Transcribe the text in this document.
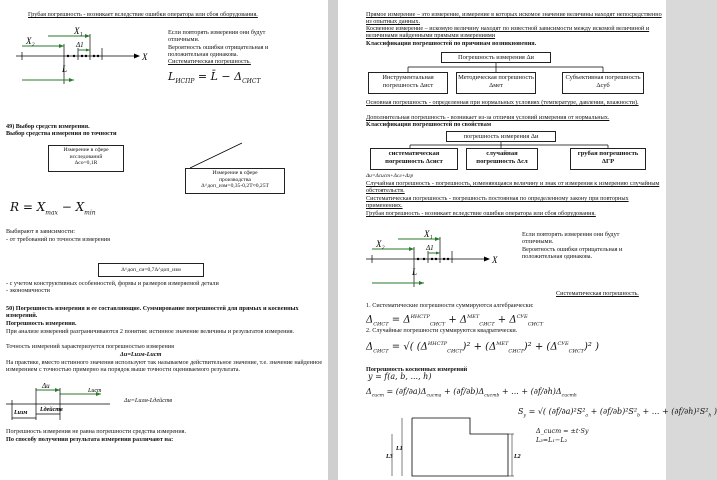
Грубая погрешность - возникает вследствие ошибки оператора или сбоя оборудования.
X₁
X₂	Δ1
L
X
Если повторять измерения они будут
отличными.
Вероятность ошибки отрицательная и
положительная одинакова.
Систематическая погрешность.
$L_{ИСПР}$ = L̄ − $\Delta_{СИСТ}$
49) Выбор средств измерения.
Выбор средства измерения по точности
Измерение в сфере
исследований
Δсо=0,1R
Измерение в сфере
производства
Δ^доп_изм=0,35-0,2T≈0,25T
$R = X_{max} - X_{min}$
Выбирают в зависимости:
- от требований по точности измерения
Δ^доп_си=0,7Δ^доп_изм
- с учетом конструктивных особенностей, формы и размеров измеряемой детали
- экономичности
50) Погрешность измерения и ее составляющие. Суммирование погрешностей для прямых и косвенных измерений.
Погрешность измерения.
При анализе измерений разграничиваются 2 понятия: истинное значение величины и результатов измерения.
Точность измерений характеризуется погрешностью измерения
Δи=Lизм-Lист
На практике, вместо истинного значения используют так называемое действительное значение, т.е. значение найденное измерением с точностью примерно на порядок выше точности оцениваемого результата.
Δu
Lист
Lизм Lдейств
Δи=Lизм-Lдейств
Погрешность измерения не равна погрешности средства измерения.
По способу получения результата измерения различают на:
Прямое измерение – это измерение, измерение в которых искомое значение величины находят непосредственно из опытных данных.
Косвенное измерение – искомую величину находят по известной зависимости между искомой величиной и величинами найденными прямыми измерениями
Классификация погрешностей по причинам возникновения.
Погрешность измерения Δи
Инструментальная погрешность Δист
Методическая погрешность Δмет
Субъективная погрешность Δсуб
Основная погрешность - определенная при нормальных условиях (температуре, давлении, влажности).
Дополнительная погрешность - возникает из-за отличия условий измерения от нормальных.
Классификация погрешностей по свойствам
погрешность измерения Δи
систематическая погрешность Δсист
случайная погрешность Δсл
грубая погрешность ΔГР
Δи=Δсист+Δсл+Δгр
Случайная погрешность - погрешность, изменяющаяся величину и знак от измерения к измерению случайным обстоятельств.
Систематическая погрешность - погрешность постоянная по определенному закону при повторных применениях.
Грубая погрешность - возникает вследствие ошибки оператора или сбоя оборудования.
X₁
X₂	Δ1
L
X
Если повторять измерения они будут
отличными.
Вероятность ошибки отрицательная и
положительная одинакова.
Систематическая погрешность.
1. Систематические погрешности суммируются алгебраически:
$\Delta_{СИСТ} = \Delta^{ИНСТР}_{СИСТ} + \Delta^{МЕТ}_{СИСТ} + \Delta^{СУБ}_{СИСТ}$
2. Случайные погрешности суммируются квадратически.
$\Delta_{СИСТ}$ = √( $(\Delta^{ИНСТР}_{СИСТ})^2 + (\Delta^{МЕТ}_{СИСТ})^2 + (\Delta^{СУБ}_{СИСТ})^2$ )
Погрешность косвенных измерений
y = f(a, b, ..., h)
$\Delta_{сист} = (\partial f/\partial a)\Delta_{систа} + (\partial f/\partial b)\Delta_{систb}$ + ... + $(\partial f/\partial h)\Delta_{систh}$
$S_y$ = √( $(\partial f/\partial a)^2S^2_a + (\partial f/\partial b)^2S^2_b$ + ... + $(\partial f/\partial h)^2S^2_h$ )
Δ_сист = ±t·Sy
L₃=L₁−L₂
L3
L1
L2
